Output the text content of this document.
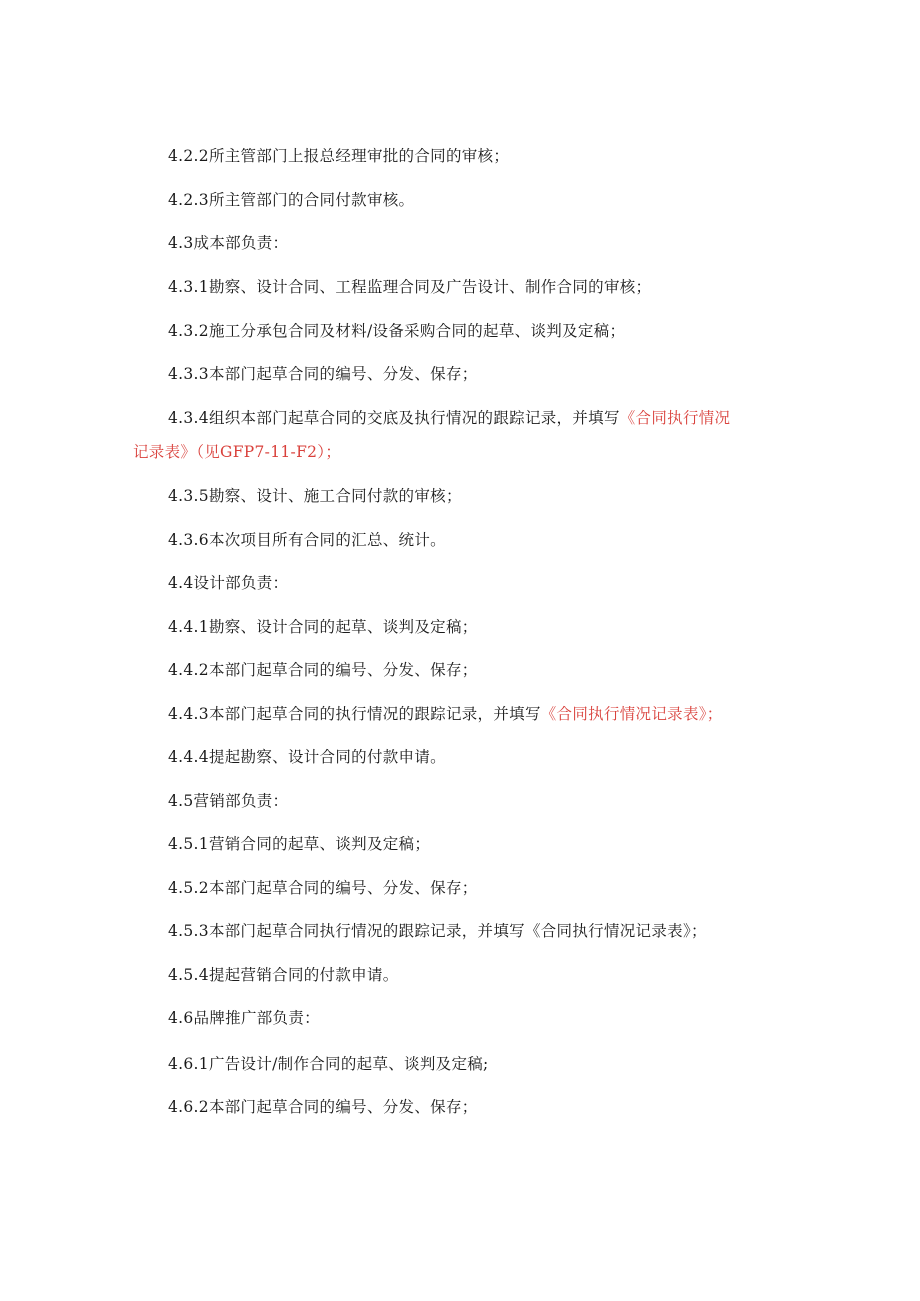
4.2.2所主管部门上报总经理审批的合同的审核；
4.2.3所主管部门的合同付款审核。
4.3成本部负责：
4.3.1勘察、设计合同、工程监理合同及广告设计、制作合同的审核；
4.3.2施工分承包合同及材料/设备采购合同的起草、谈判及定稿；
4.3.3本部门起草合同的编号、分发、保存；
4.3.4组织本部门起草合同的交底及执行情况的跟踪记录，并填写《合同执行情况
记录表》（见GFP7-11-F2）；
4.3.5勘察、设计、施工合同付款的审核；
4.3.6本次项目所有合同的汇总、统计。
4.4设计部负责：
4.4.1勘察、设计合同的起草、谈判及定稿；
4.4.2本部门起草合同的编号、分发、保存；
4.4.3本部门起草合同的执行情况的跟踪记录，并填写《合同执行情况记录表》；
4.4.4提起勘察、设计合同的付款申请。
4.5营销部负责：
4.5.1营销合同的起草、谈判及定稿；
4.5.2本部门起草合同的编号、分发、保存；
4.5.3本部门起草合同执行情况的跟踪记录，并填写《合同执行情况记录表》；
4.5.4提起营销合同的付款申请。
4.6品牌推广部负责：
4.6.1广告设计/制作合同的起草、谈判及定稿;
4.6.2本部门起草合同的编号、分发、保存；
